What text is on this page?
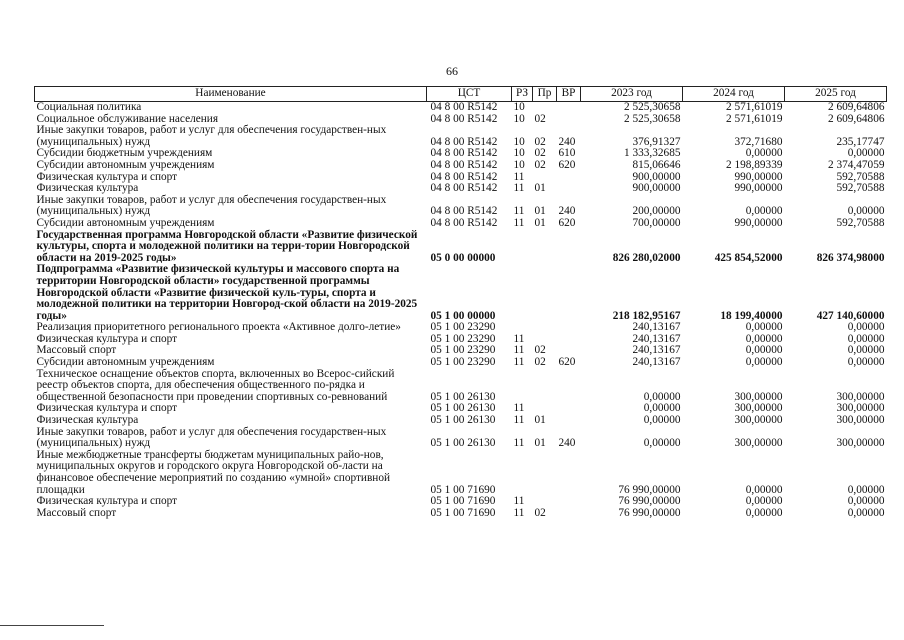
66
Наименование	ЦСТ	РЗ	Пр	ВР	2023 год	2024 год	2025 год
Социальная политика	04 8 00 R5142	10			2 525,30658	2 571,61019	2 609,64806
Социальное обслуживание населения	04 8 00 R5142	10	02		2 525,30658	2 571,61019	2 609,64806
Иные закупки товаров, работ и услуг для обеспечения государствен-ных (муниципальных) нужд	04 8 00 R5142	10	02	240	376,91327	372,71680	235,17747
Субсидии бюджетным учреждениям	04 8 00 R5142	10	02	610	1 333,32685	0,00000	0,00000
Субсидии автономным учреждениям	04 8 00 R5142	10	02	620	815,06646	2 198,89339	2 374,47059
Физическая культура и спорт	04 8 00 R5142	11			900,00000	990,00000	592,70588
Физическая культура	04 8 00 R5142	11	01		900,00000	990,00000	592,70588
Иные закупки товаров, работ и услуг для обеспечения государствен-ных (муниципальных) нужд	04 8 00 R5142	11	01	240	200,00000	0,00000	0,00000
Субсидии автономным учреждениям	04 8 00 R5142	11	01	620	700,00000	990,00000	592,70588
Государственная программа Новгородской области «Развитие физической культуры, спорта и молодежной политики на терри-тории Новгородской области на 2019-2025 годы»	05 0 00 00000				826 280,02000	425 854,52000	826 374,98000
Подпрограмма «Развитие физической культуры и массового спорта на территории Новгородской области» государственной программы Новгородской области «Развитие физической куль-туры, спорта и молодежной политики на территории Новгород-ской области на 2019-2025 годы»	05 1 00 00000				218 182,95167	18 199,40000	427 140,60000
Реализация приоритетного регионального проекта «Активное долго-летие»	05 1 00 23290				240,13167	0,00000	0,00000
Физическая культура и спорт	05 1 00 23290	11			240,13167	0,00000	0,00000
Массовый спорт	05 1 00 23290	11	02		240,13167	0,00000	0,00000
Субсидии автономным учреждениям	05 1 00 23290	11	02	620	240,13167	0,00000	0,00000
Техническое оснащение объектов спорта, включенных во Всерос-сийский реестр объектов спорта, для обеспечения общественного по-рядка и общественной безопасности при проведении спортивных со-ревнований	05 1 00 26130				0,00000	300,00000	300,00000
Физическая культура и спорт	05 1 00 26130	11			0,00000	300,00000	300,00000
Физическая культура	05 1 00 26130	11	01		0,00000	300,00000	300,00000
Иные закупки товаров, работ и услуг для обеспечения государствен-ных (муниципальных) нужд	05 1 00 26130	11	01	240	0,00000	300,00000	300,00000
Иные межбюджетные трансферты бюджетам муниципальных райо-нов, муниципальных округов и городского округа Новгородской об-ласти на финансовое обеспечение мероприятий по созданию «умной» спортивной площадки	05 1 00 71690				76 990,00000	0,00000	0,00000
Физическая культура и спорт	05 1 00 71690	11			76 990,00000	0,00000	0,00000
Массовый спорт	05 1 00 71690	11	02		76 990,00000	0,00000	0,00000
